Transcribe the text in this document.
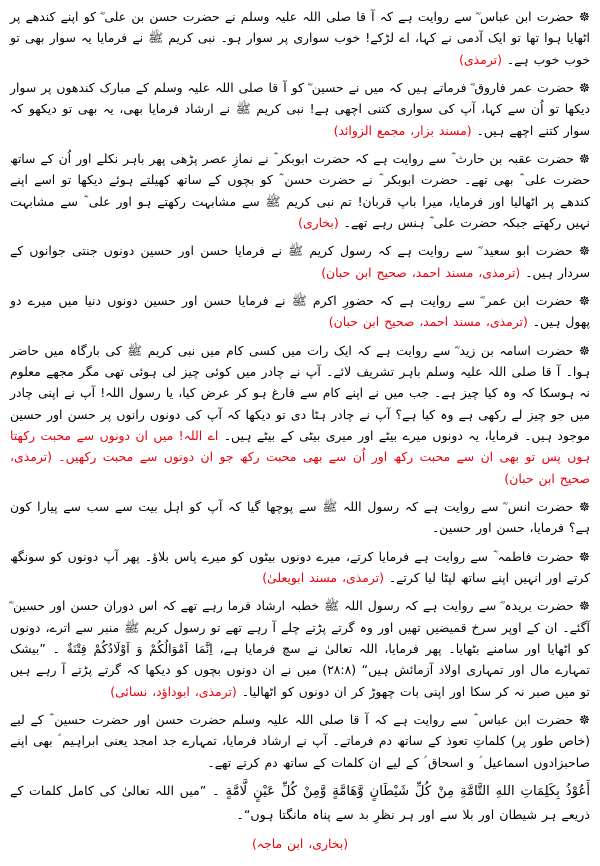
☸ حضرت ابن عباس ؓ سے روایت ہے کہ آ قا صلی اللہ علیہ وسلم نے حضرت حسن بن علی ؓ کو اپنے کندھے پر اٹھایا ہوا تھا تو ایک آدمی نے کہا، اے لڑکے! خوب سواری پر سوار ہو۔ نبی کریم ﷺ نے فرمایا یہ سوار بھی تو خوب خوب ہے۔ (ترمذی)

☸ حضرت عمر فاروق ؓ فرماتے ہیں کہ میں نے حسین ؓ کو آ قا صلی اللہ علیہ وسلم کے مبارک کندھوں پر سوار دیکھا تو اُن سے کہا، آپ کی سواری کتنی اچھی ہے! نبی کریم ﷺ نے ارشاد فرمایا بھی، یہ بھی تو دیکھو کہ سوار کتنے اچھے ہیں۔ (مسند بزار، مجمع الزوائد)

☸ حضرت عقبہ بن حارث ؓ سے روایت ہے کہ حضرت ابوبکر ؓ نے نمازِ عصر پڑھی پھر باہر نکلے اور اُن کے ساتھ حضرت علی ؓ بھی تھے۔ حضرت ابوبکر ؓ نے حضرت حسن ؓ کو بچوں کے ساتھ کھیلتے ہوئے دیکھا تو اسے اپنے کندھے پر اٹھالیا اور فرمایا، میرا باپ قربان! تم نبی کریم ﷺ سے مشابہت رکھتے ہو اور علی ؓ سے مشابہت نہیں رکھتے جبکہ حضرت علی ؓ ہنس رہے تھے۔ (بخاری)

☸ حضرت ابو سعید ؓ سے روایت ہے کہ رسول کریم ﷺ نے فرمایا حسن اور حسین دونوں جنتی جوانوں کے سردار ہیں۔ (ترمذی، مسند احمد، صحیح ابن حبان)

☸ حضرت ابن عمر ؓ سے روایت ہے کہ حضورِ اکرم ﷺ نے فرمایا حسن اور حسین دونوں دنیا میں میرے دو پھول ہیں۔ (ترمذی، مسند احمد، صحیح ابن حبان)

☸ حضرت اسامہ بن زید ؓ سے روایت ہے کہ ایک رات میں کسی کام میں نبی کریم ﷺ کی بارگاہ میں حاضر ہوا۔ آ قا صلی اللہ علیہ وسلم باہر تشریف لائے۔ آپ نے چادر میں کوئی چیز لی ہوئی تھی مگر مجھے معلوم نہ ہوسکا کہ وہ کیا چیز ہے۔ جب میں نے اپنے کام سے فارغ ہو کر عرض کیا، یا رسول اللہ! آپ نے اپنی چادر میں جو چیز لے رکھی ہے وہ کیا ہے؟ آپ نے چادر ہٹا دی تو دیکھا کہ آپ کی دونوں رانوں پر حسن اور حسین موجود ہیں۔ فرمایا، یہ دونوں میرے بیٹے اور میری بیٹی کے بیٹے ہیں۔ اے اللہ! میں ان دونوں سے محبت رکھتا ہوں پس تو بھی ان سے محبت رکھ اور اُن سے بھی محبت رکھ جو ان دونوں سے محبت رکھیں۔ (ترمذی، صحیح ابن حبان)

☸ حضرت انس ؓ سے روایت ہے کہ رسول اللہ ﷺ سے پوچھا گیا کہ آپ کو اہل بیت سے سب سے پیارا کون ہے؟ فرمایا، حسن اور حسین۔

☸ حضرت فاطمہ ؓ سے روایت ہے فرمایا کرتے، میرے دونوں بیٹوں کو میرے پاس بلاؤ۔ پھر آپ دونوں کو سونگھ کرتے اور انہیں اپنے ساتھ لپٹا لیا کرتے۔ (ترمذی، مسند ابویعلیٰ)

☸ حضرت بریدہ ؓ سے روایت ہے کہ رسول اللہ ﷺ خطبہ ارشاد فرما رہے تھے کہ اس دوران حسن اور حسین ؓ آگئے۔ ان کے اوپر سرخ قمیضیں تھیں اور وہ گرتے پڑتے چلے آ رہے تھے تو رسول کریم ﷺ منبر سے اترے، دونوں کو اٹھایا اور سامنے بٹھایا۔ پھر فرمایا، اللہ تعالیٰ نے سچ فرمایا ہے، اِنَّمَا اَمْوَالُكُمْ وَ اَوْلَادُكُمْ فِتْنَةٌ ۔ ”بیشک تمہارے مال اور تمہاری اولاد آزمائش ہیں“ (۲۸:۸) میں نے ان دونوں بچوں کو دیکھا کہ گرتے پڑتے آ رہے ہیں تو میں صبر نہ کر سکا اور اپنی بات چھوڑ کر ان دونوں کو اٹھالیا۔ (ترمذی، ابوداؤد، نسائی)

☸ حضرت ابن عباس ؓ سے روایت ہے کہ آ قا صلی اللہ علیہ وسلم حضرت حسن اور حضرت حسین ؓ کے لیے (خاص طور پر) کلماتِ تعوذ کے ساتھ دم فرماتے۔ آپ نے ارشاد فرمایا، تمہارے جد امجد یعنی ابراہیم ؑ بھی اپنے صاحبزادوں اسماعیل ؑ و اسحاق ؑ کے لیے ان کلمات کے ساتھ دم کرتے تھے۔

أَعُوْذُ بِكَلِمَاتِ اللهِ التَّامَّةِ مِنْ كُلِّ شَيْطَانٍ وَّهَامَّةٍ وَّمِنْ كُلِّ عَيْنٍ لَّامَّةٍ ۔ ”میں اللہ تعالیٰ کی کامل کلمات کے ذریعے ہر شیطان اور بلا سے اور ہر نظرِ بد سے پناہ مانگتا ہوں“۔

(بخاری، ابن ماجہ)
